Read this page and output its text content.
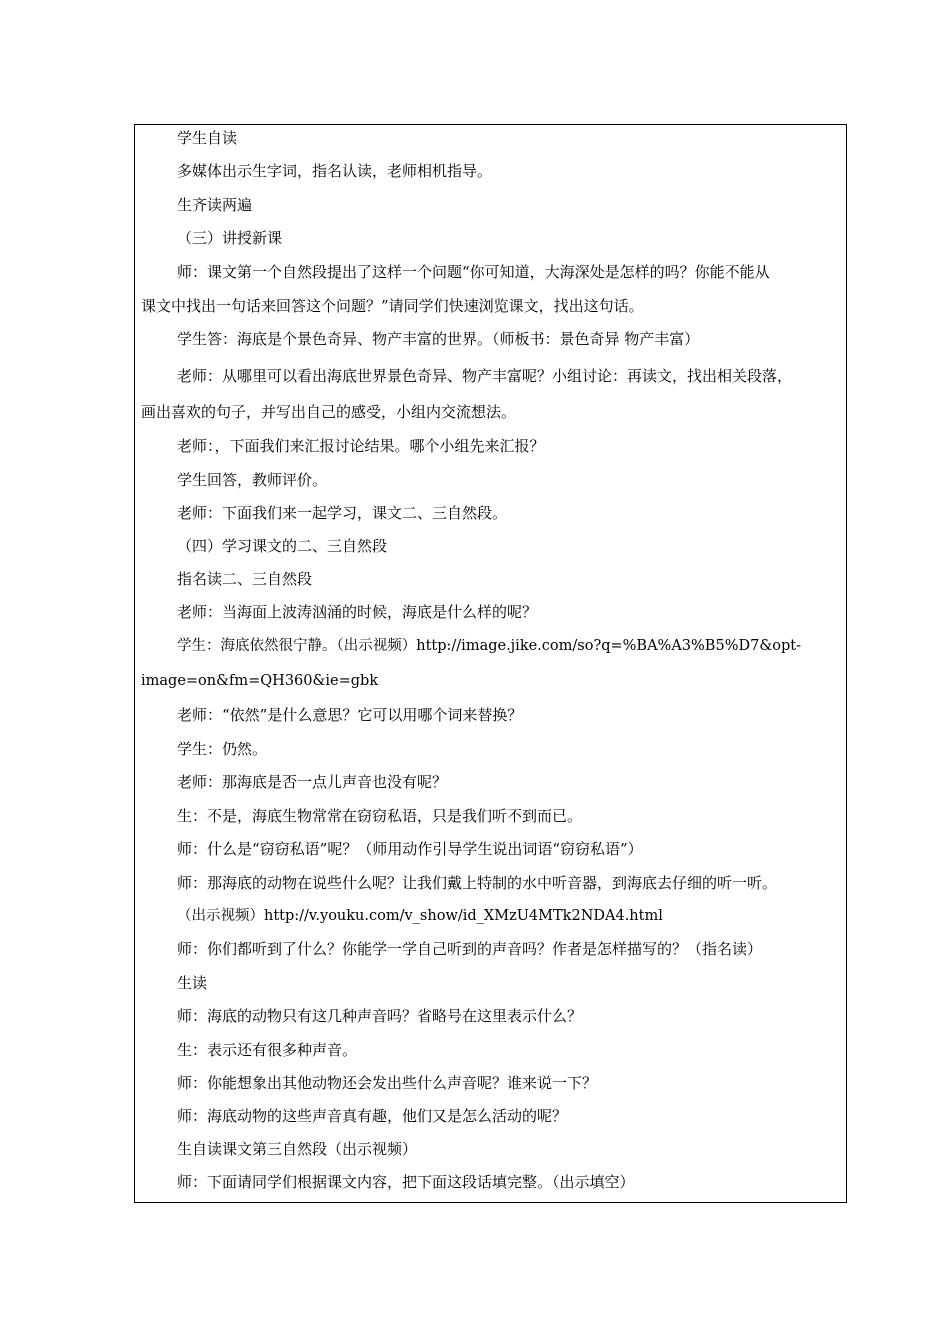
学生自读
多媒体出示生字词，指名认读，老师相机指导。
生齐读两遍
（三）讲授新课
师：课文第一个自然段提出了这样一个问题“你可知道，大海深处是怎样的吗？你能不能从
课文中找出一句话来回答这个问题？”请同学们快速浏览课文，找出这句话。
学生答：海底是个景色奇异、物产丰富的世界。（师板书：景色奇异 物产丰富）
老师：从哪里可以看出海底世界景色奇异、物产丰富呢？小组讨论：再读文，找出相关段落，
画出喜欢的句子，并写出自己的感受，小组内交流想法。
老师：，下面我们来汇报讨论结果。哪个小组先来汇报？
学生回答，教师评价。
老师：下面我们来一起学习，课文二、三自然段。
（四）学习课文的二、三自然段
指名读二、三自然段
老师：当海面上波涛汹涌的时候，海底是什么样的呢？
学生：海底依然很宁静。（出示视频）http://image.jike.com/so?q=%BA%A3%B5%D7&opt-
image=on&fm=QH360&ie=gbk
老师：“依然”是什么意思？它可以用哪个词来替换？
学生：仍然。
老师：那海底是否一点儿声音也没有呢？
生：不是，海底生物常常在窃窃私语，只是我们听不到而已。
师：什么是“窃窃私语”呢？（师用动作引导学生说出词语“窃窃私语”）
师：那海底的动物在说些什么呢？让我们戴上特制的水中听音器，到海底去仔细的听一听。
（出示视频）http://v.youku.com/v_show/id_XMzU4MTk2NDA4.html
师：你们都听到了什么？你能学一学自己听到的声音吗？作者是怎样描写的？（指名读）
生读
师：海底的动物只有这几种声音吗？省略号在这里表示什么？
生：表示还有很多种声音。
师：你能想象出其他动物还会发出些什么声音呢？谁来说一下？
师：海底动物的这些声音真有趣，他们又是怎么活动的呢？
生自读课文第三自然段（出示视频）
师：下面请同学们根据课文内容，把下面这段话填完整。（出示填空）
